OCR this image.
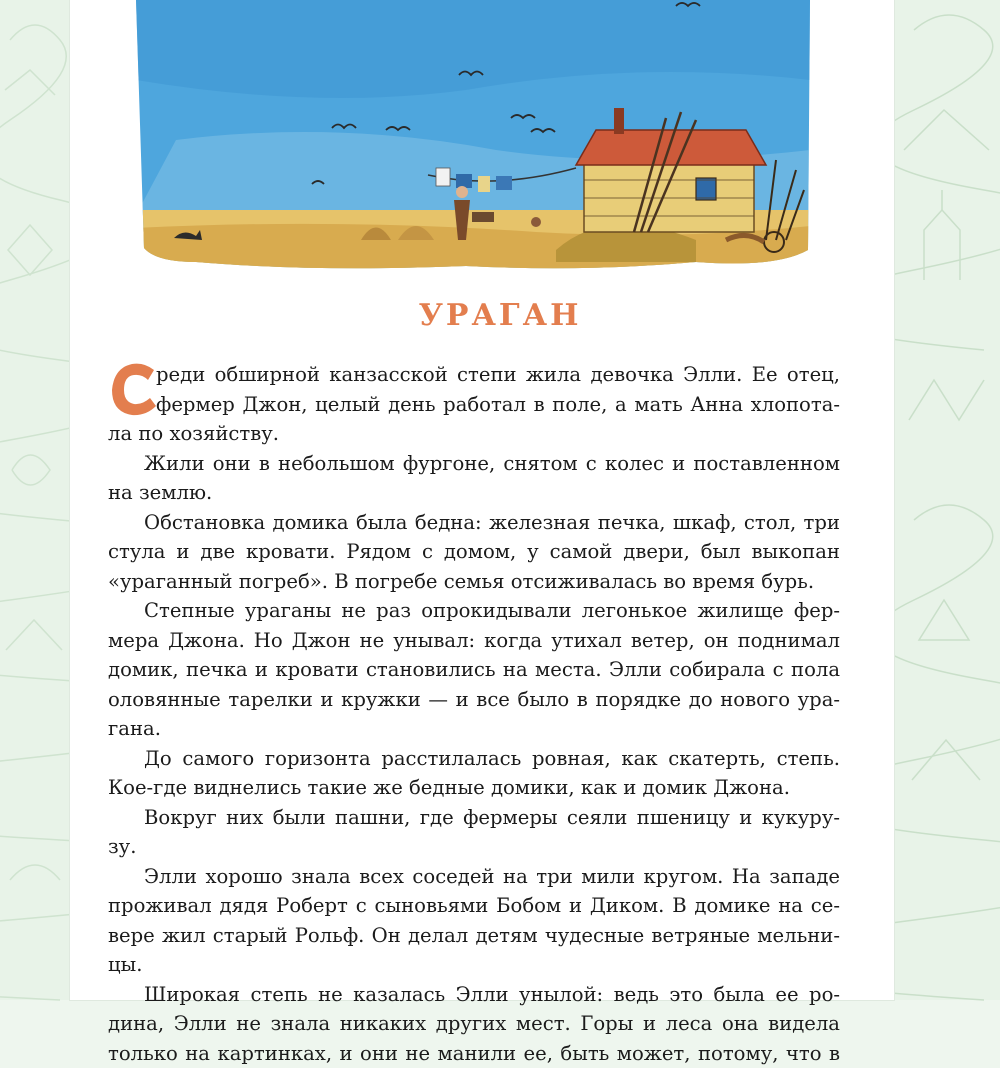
УРАГАН
реди обширной канзасской степи жила девочка Элли. Ее отец,
фермер Джон, целый день работал в поле, а мать Анна хлопота-
ла по хозяйству.
Жили они в небольшом фургоне, снятом с колес и поставленном
на землю.
Обстановка домика была бедна: железная печка, шкаф, стол, три
стула и две кровати. Рядом с домом, у самой двери, был выкопан
«ураганный погреб». В погребе семья отсиживалась во время бурь.
Степные ураганы не раз опрокидывали легонькое жилище фер-
мера Джона. Но Джон не унывал: когда утихал ветер, он поднимал
домик, печка и кровати становились на места. Элли собирала с пола
оловянные тарелки и кружки — и все было в порядке до нового ура-
гана.
До самого горизонта расстилалась ровная, как скатерть, степь.
Кое-где виднелись такие же бедные домики, как и домик Джона.
Вокруг них были пашни, где фермеры сеяли пшеницу и кукуру-
зу.
Элли хорошо знала всех соседей на три мили кругом. На западе
проживал дядя Роберт с сыновьями Бобом и Диком. В домике на се-
вере жил старый Рольф. Он делал детям чудесные ветряные мельни-
цы.
Широкая степь не казалась Элли унылой: ведь это была ее ро-
дина, Элли не знала никаких других мест. Горы и леса она видела
только на картинках, и они не манили ее, быть может, потому, что в
